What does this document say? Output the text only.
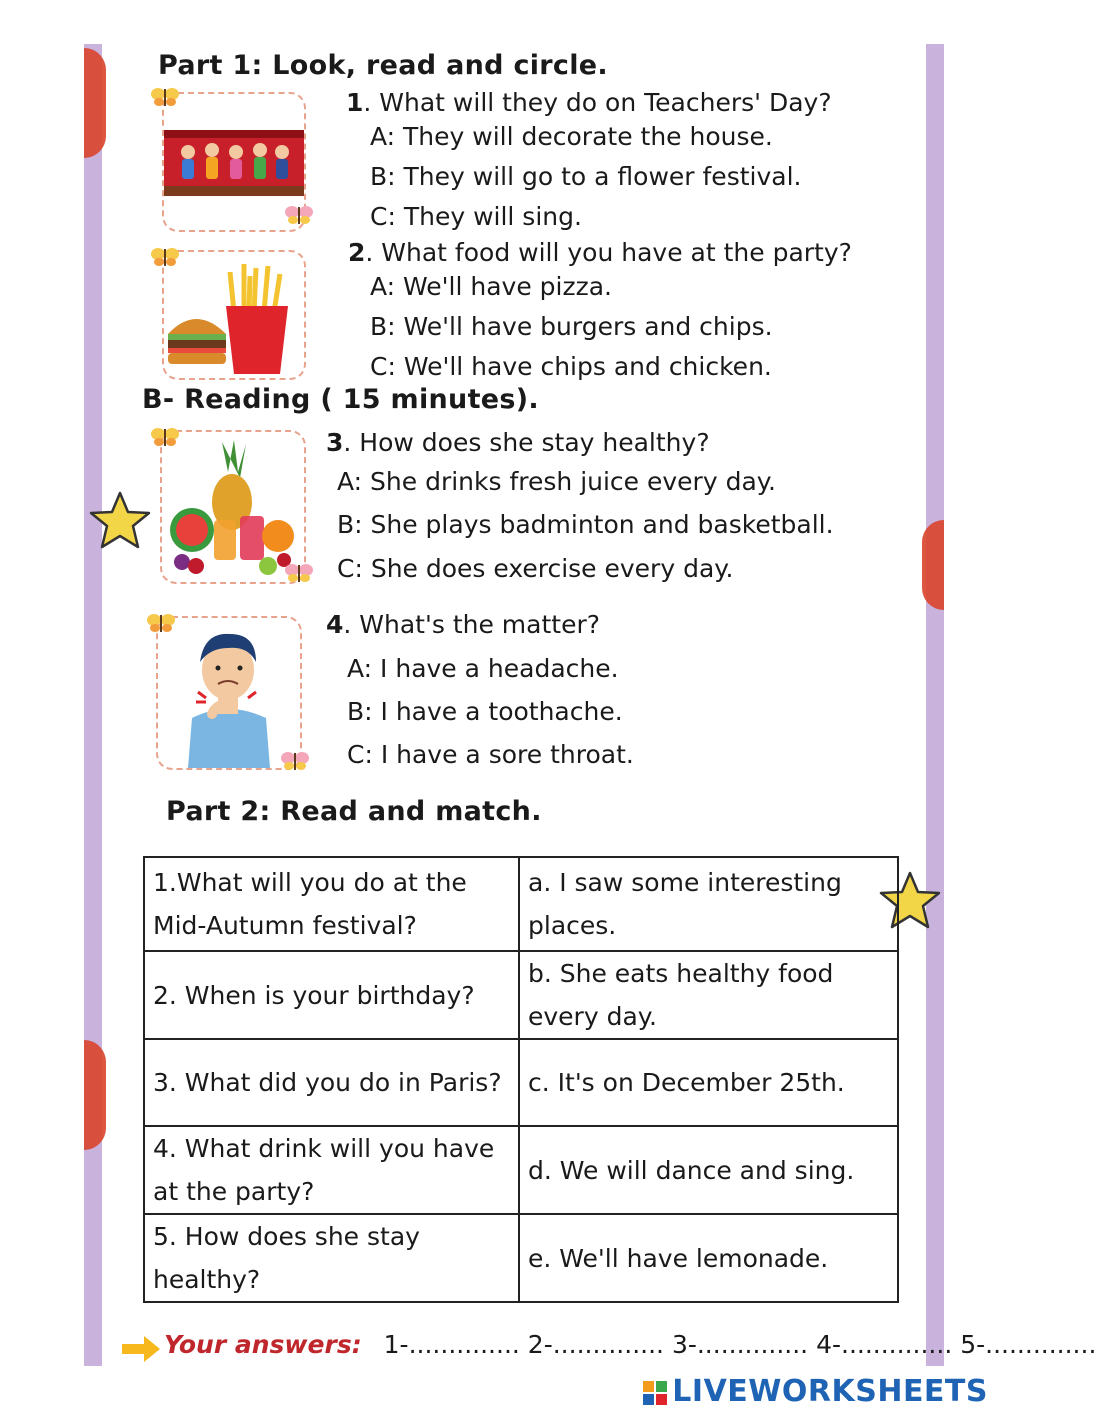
Part 1: Look, read and circle.
1. What will they do on Teachers' Day?
A: They will decorate the house.
B: They will go to a flower festival.
C: They will sing.
2. What food will you have at the party?
A: We'll have pizza.
B: We'll have burgers and chips.
C: We'll have chips and chicken.
B- Reading ( 15 minutes).
3. How does she stay healthy?
A: She drinks fresh juice every day.
B: She plays badminton and basketball.
C: She does exercise every day.
4. What's the matter?
A: I have a headache.
B: I have a toothache.
C: I have a sore throat.
Part 2: Read and match.
1.What will you do at the Mid-Autumn festival?	a. I saw some interesting places.
2. When is your birthday?	b. She eats healthy food every day.
3. What did you do in Paris?	c. It's on December 25th.
4. What drink will you have at the party?	d. We will dance and sing.
5. How does she stay healthy?	e. We'll have lemonade.
Your answers: 1-.............. 2-.............. 3-.............. 4-.............. 5-..............
LIVEWORKSHEETS
